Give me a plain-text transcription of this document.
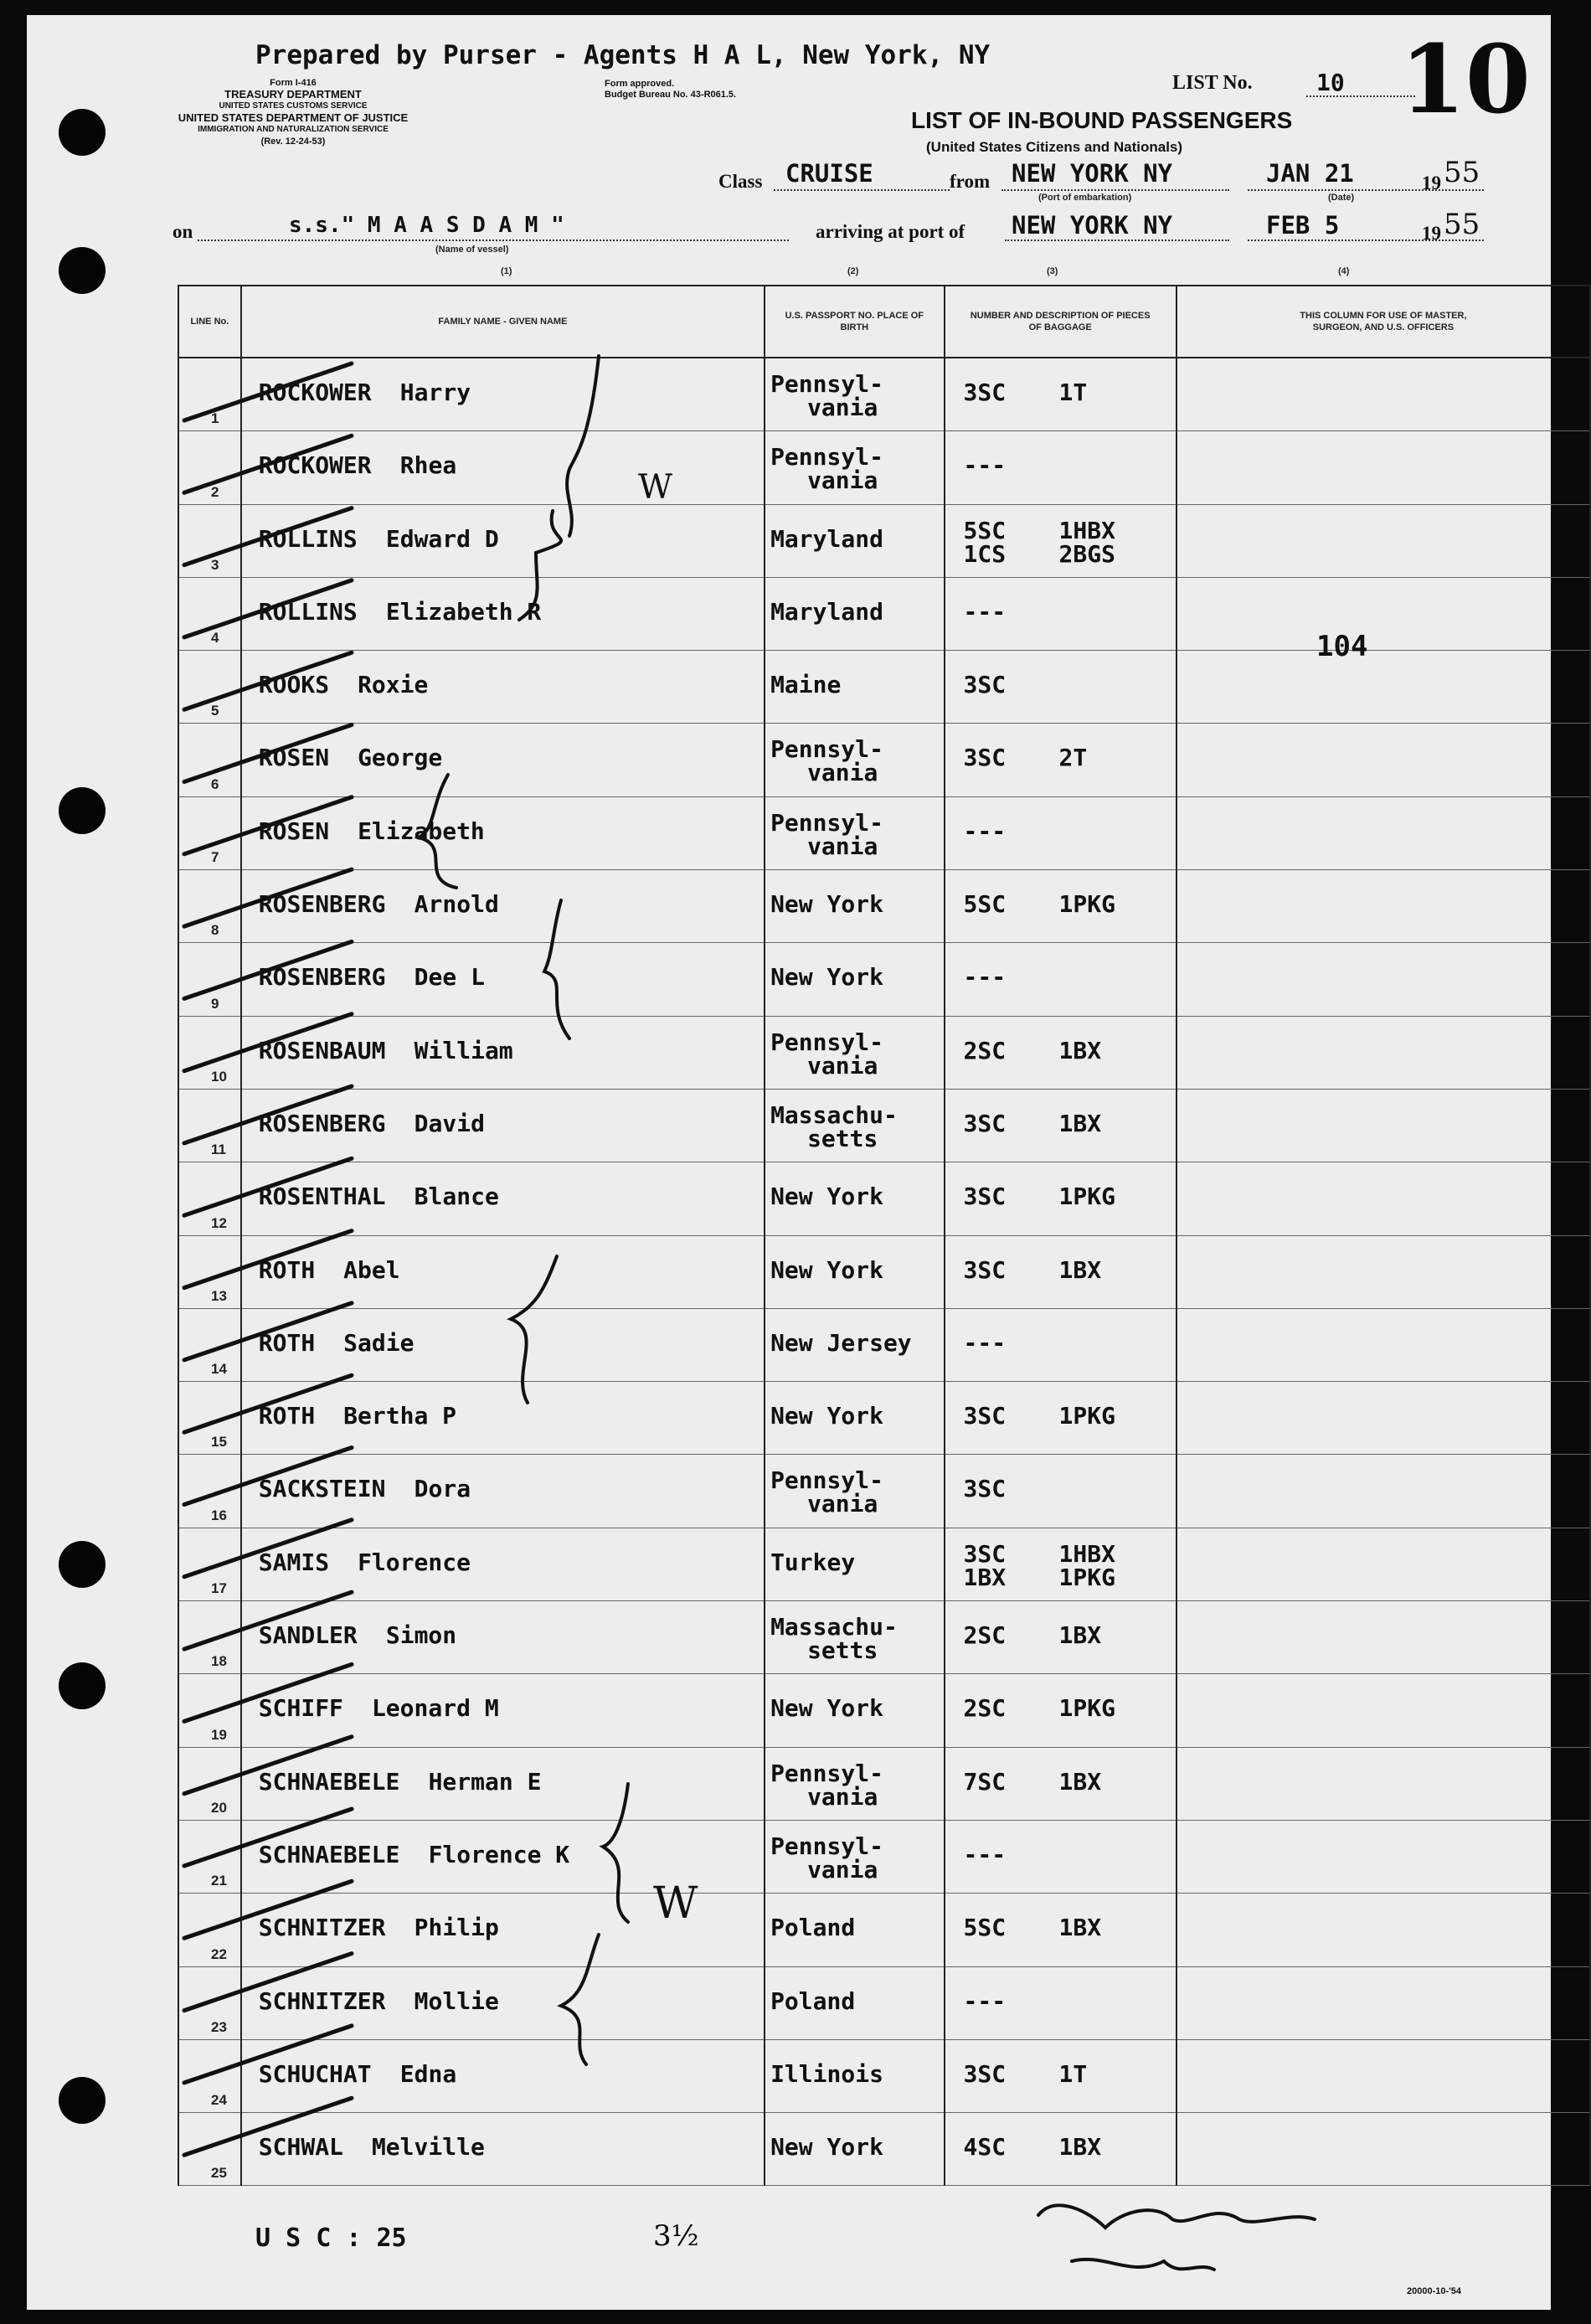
Prepared by Purser - Agents H A L, New York, NY	10
Form I-416
TREASURY DEPARTMENT
UNITED STATES CUSTOMS SERVICE
UNITED STATES DEPARTMENT OF JUSTICE
IMMIGRATION AND NATURALIZATION SERVICE
(Rev. 12-24-53)
Form approved.
Budget Bureau No. 43-R061.5.
LIST No.	10
LIST OF IN-BOUND PASSENGERS
(United States Citizens and Nationals)
Class CRUISE	from NEW YORK NY
(Port of embarkation)
JAN 21	19 55
(Date)
on	s.s." M A A S D A M "
(Name of vessel)
arriving at port of NEW YORK NY	FEB 5	19 55
(1)	(2)	(3)	(4)
LINE No.	FAMILY NAME - GIVEN NAME	U.S. PASSPORT NO. PLACE OF BIRTH	NUMBER AND DESCRIPTION OF PIECES OF BAGGAGE	THIS COLUMN FOR USE OF MASTER, SURGEON, AND U.S. OFFICERS

1	ROCKOWER Harry	Pennsyl-
vania	3SC 1T	

2	ROCKOWER Rhea	Pennsyl-
vania	---	

3	ROLLINS Edward D	Maryland	5SC 1HBX
1CS 2BGS	

4	ROLLINS Elizabeth R	Maryland	---	

5	ROOKS Roxie	Maine	3SC	

6	ROSEN George	Pennsyl-
vania	3SC 2T	

7	ROSEN Elizabeth	Pennsyl-
vania	---	

8	ROSENBERG Arnold	New York	5SC 1PKG	

9	ROSENBERG Dee L	New York	---	

10	ROSENBAUM William	Pennsyl-
vania	2SC 1BX	

11	ROSENBERG David	Massachu-
setts	3SC 1BX	

12	ROSENTHAL Blance	New York	3SC 1PKG	

13	ROTH Abel	New York	3SC 1BX	

14	ROTH Sadie	New Jersey	---	

15	ROTH Bertha P	New York	3SC 1PKG	

16	SACKSTEIN Dora	Pennsyl-
vania	3SC	

17	SAMIS Florence	Turkey	3SC 1HBX
1BX 1PKG	

18	SANDLER Simon	Massachu-
setts	2SC 1BX	

19	SCHIFF Leonard M	New York	2SC 1PKG	

20	SCHNAEBELE Herman E	Pennsyl-
vania	7SC 1BX	

21	SCHNAEBELE Florence K	Pennsyl-
vania	---	

22	SCHNITZER Philip	Poland	5SC 1BX	

23	SCHNITZER Mollie	Poland	---	

24	SCHUCHAT Edna	Illinois	3SC 1T	

25	SCHWAL Melville	New York	4SC 1BX	

104
W
W
U S C : 25	3½
20000-10-'54
